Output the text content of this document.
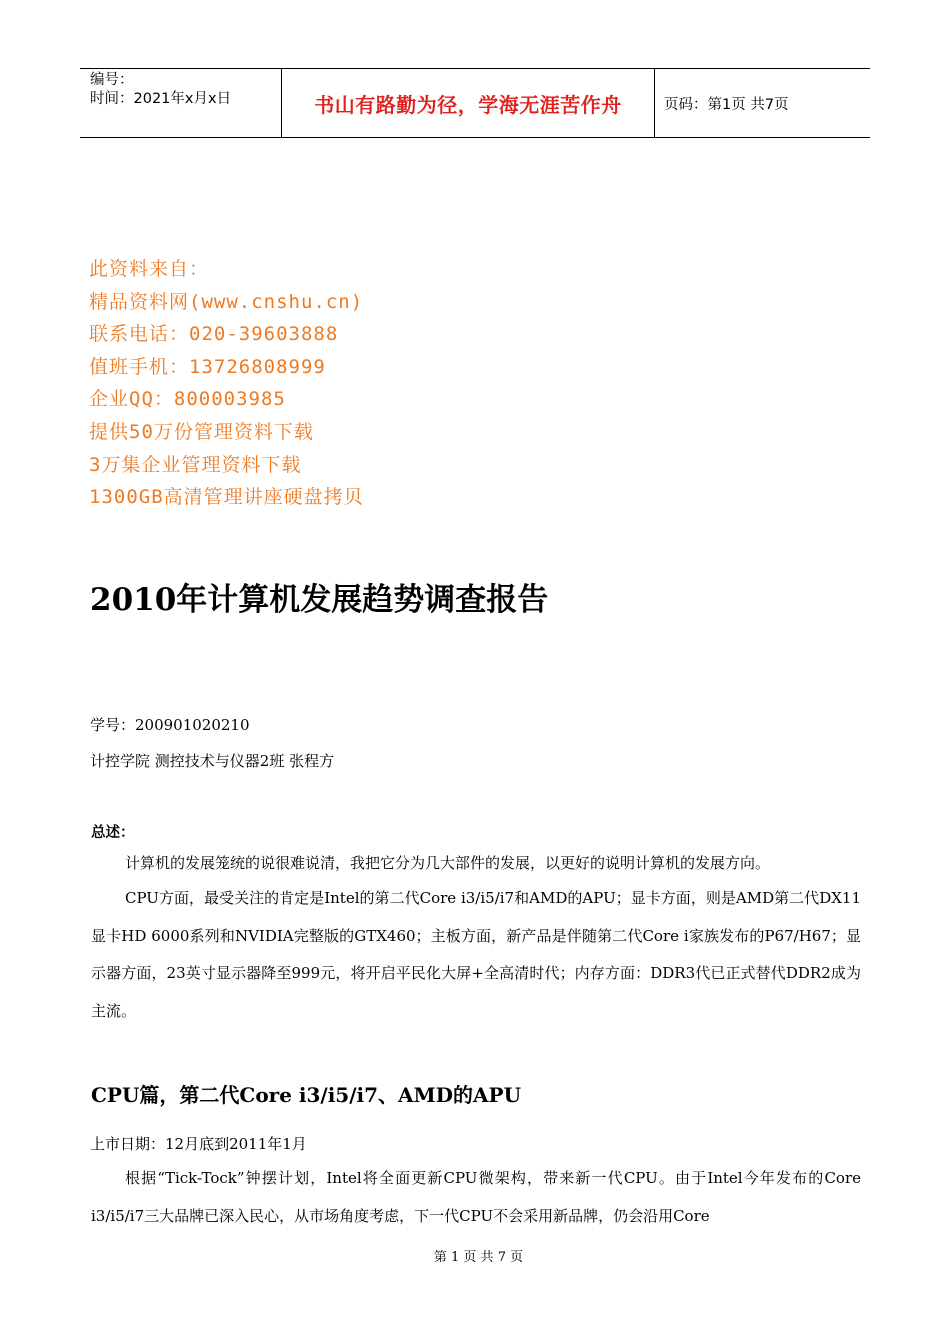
编号：
时间：2021年x月x日	书山有路勤为径，学海无涯苦作舟	页码：第1页 共7页
此资料来自：
精品资料网(www.cnshu.cn)
联系电话：020-39603888
值班手机：13726808999
企业QQ：800003985
提供50万份管理资料下载
3万集企业管理资料下载
1300GB高清管理讲座硬盘拷贝
2010年计算机发展趋势调查报告
学号：200901020210
计控学院 测控技术与仪器2班 张程方
总述：

计算机的发展笼统的说很难说清，我把它分为几大部件的发展，以更好的说明计算机的发展方向。

CPU方面，最受关注的肯定是Intel的第二代Core i3/i5/i7和AMD的APU；显卡方面，则是AMD第二代DX11显卡HD 6000系列和NVIDIA完整版的GTX460；主板方面，新产品是伴随第二代Core i家族发布的P67/H67；显示器方面，23英寸显示器降至999元，将开启平民化大屏+全高清时代；内存方面：DDR3代已正式替代DDR2成为主流。

CPU篇，第二代Core i3/i5/i7、AMD的APU
上市日期：12月底到2011年1月

根据“Tick-Tock”钟摆计划，Intel将全面更新CPU微架构，带来新一代CPU。由于Intel今年发布的Core i3/i5/i7三大品牌已深入民心，从市场角度考虑，下一代CPU不会采用新品牌，仍会沿用Core

第 1 页 共 7 页
